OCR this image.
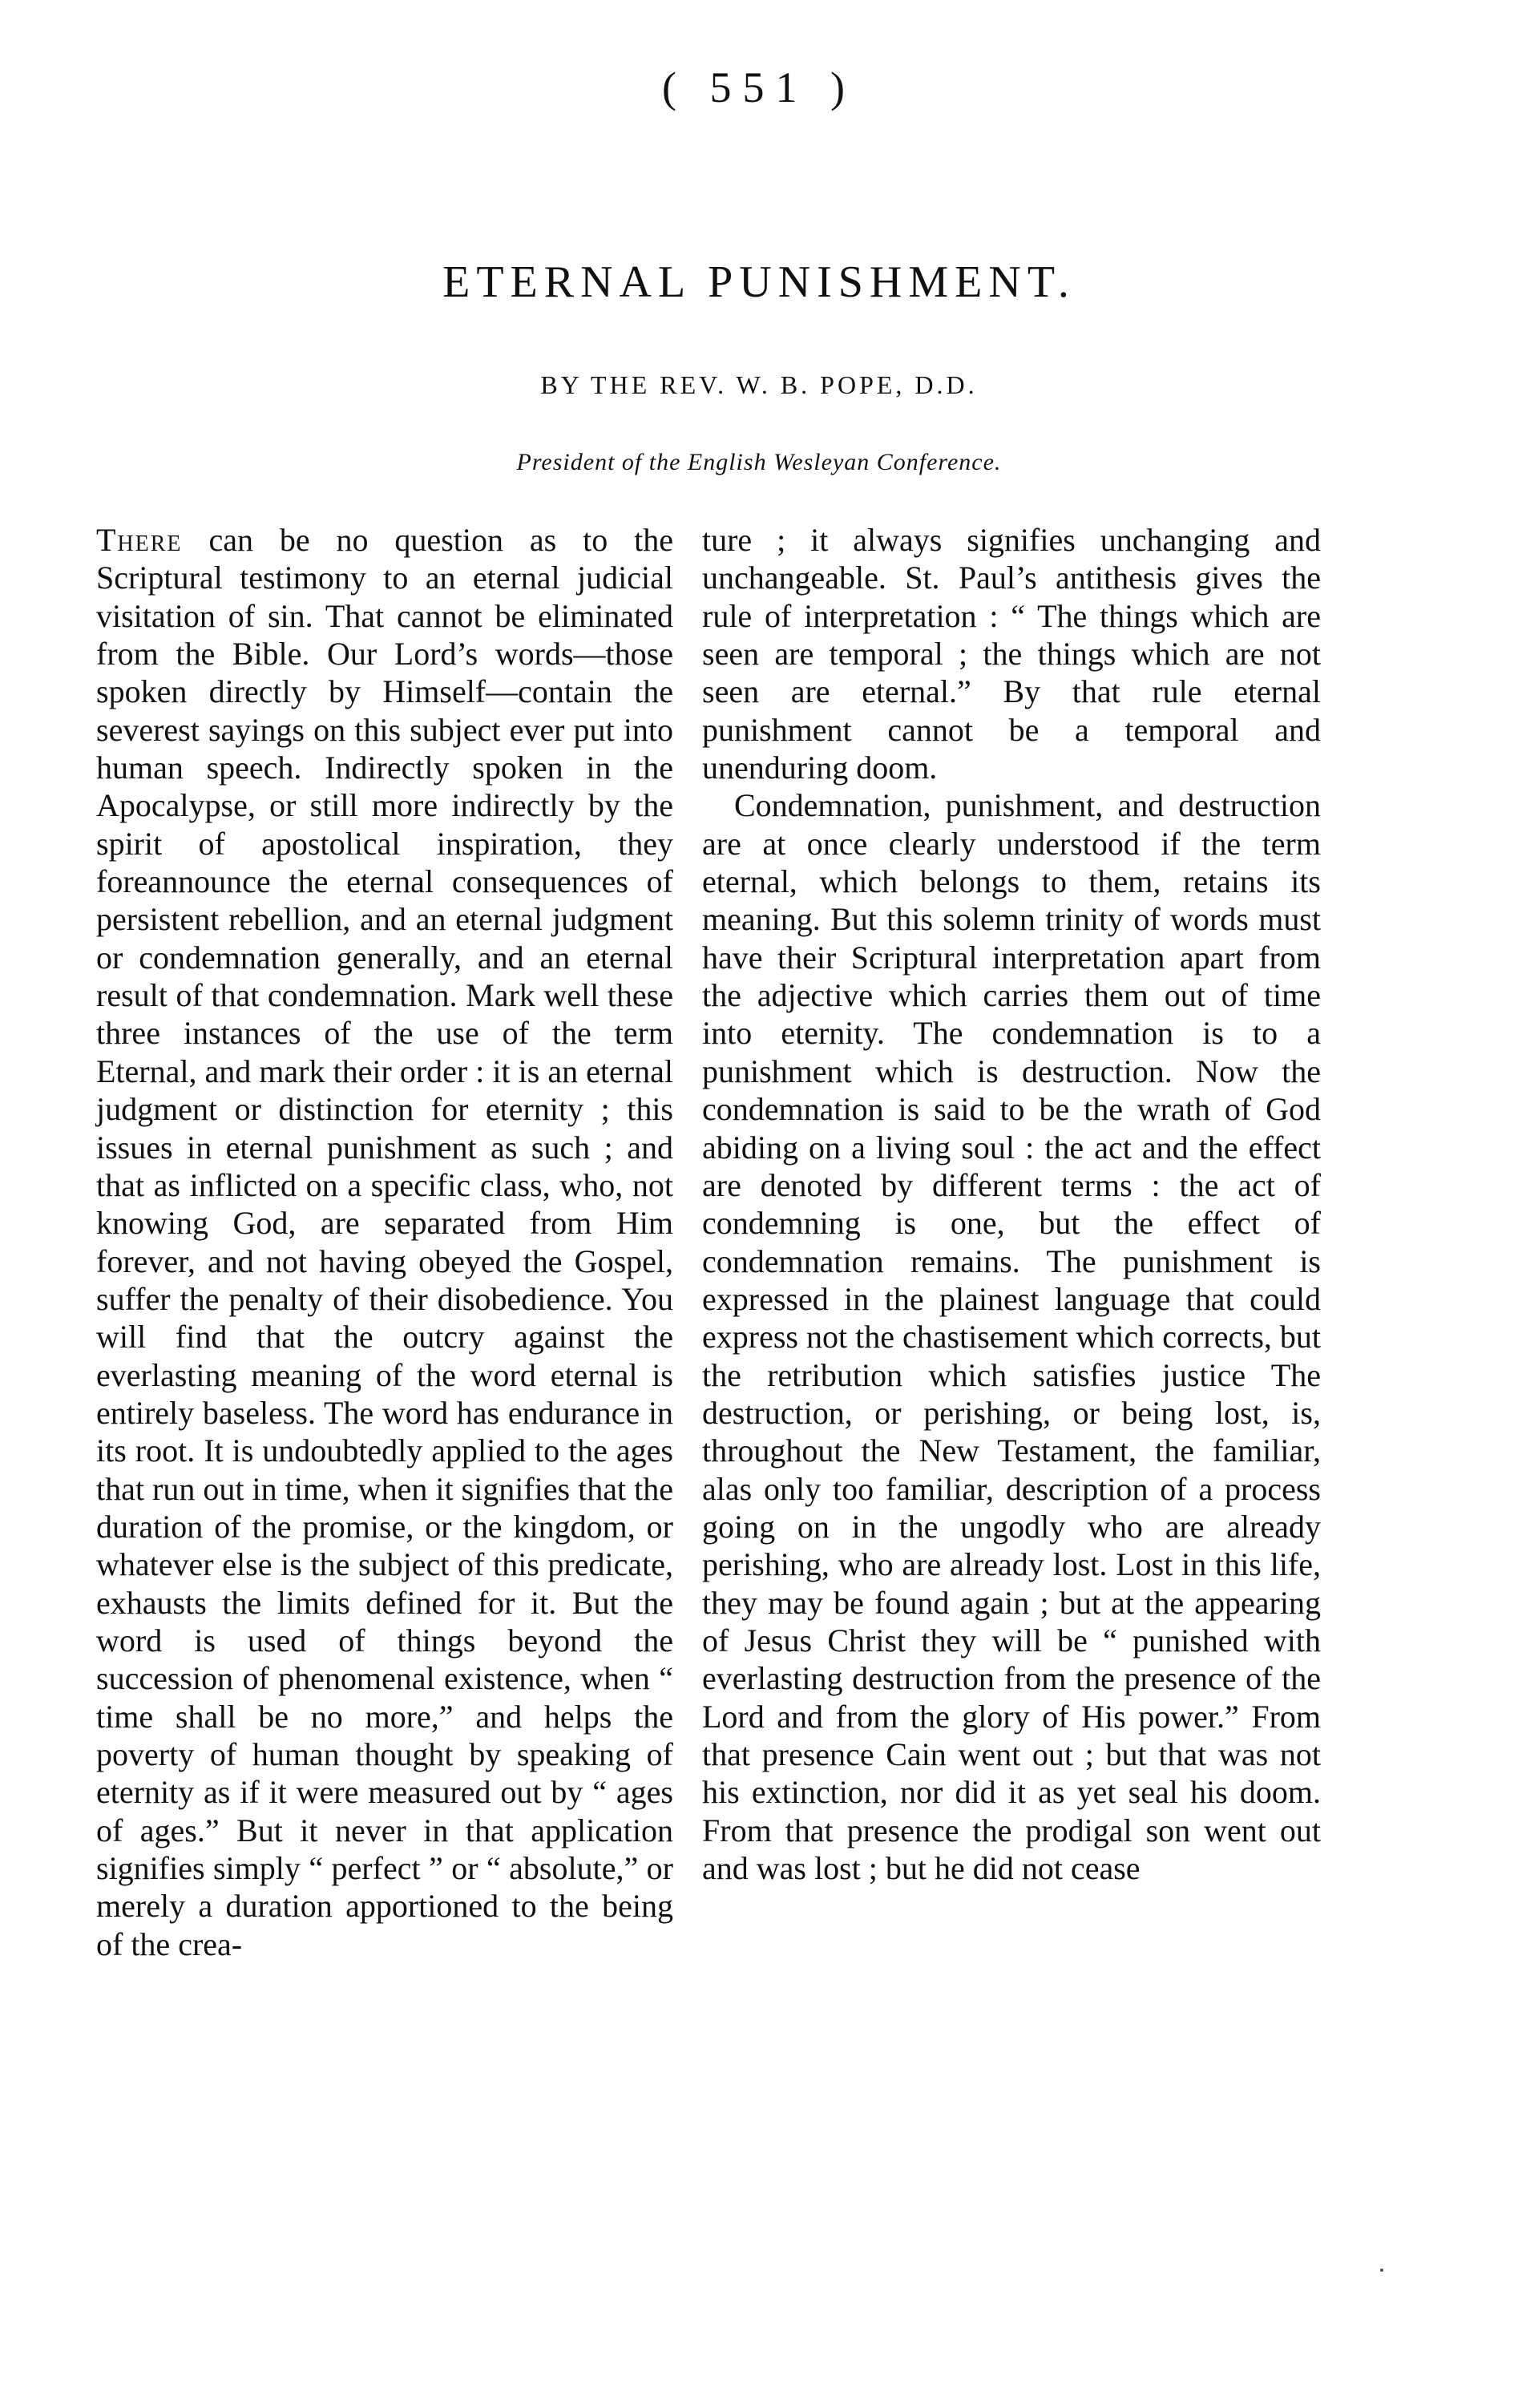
( 551 )
ETERNAL PUNISHMENT.
BY THE REV. W. B. POPE, D.D.
President of the English Wesleyan Conference.

There can be no question as to the Scriptural testimony to an eternal judicial visitation of sin. That cannot be eliminated from the Bible. Our Lord’s words—those spoken directly by Himself—contain the severest sayings on this subject ever put into human speech. Indirectly spoken in the Apocalypse, or still more indirectly by the spirit of apostolical inspiration, they foreannounce the eternal consequences of persistent rebellion, and an eternal judgment or condemnation generally, and an eternal result of that condemnation. Mark well these three instances of the use of the term Eternal, and mark their order : it is an eternal judgment or distinction for eternity ; this issues in eternal punishment as such ; and that as inflicted on a specific class, who, not knowing God, are separated from Him forever, and not having obeyed the Gospel, suffer the penalty of their disobedience. You will find that the outcry against the everlasting meaning of the word eternal is entirely baseless. The word has endurance in its root. It is undoubtedly applied to the ages that run out in time, when it signifies that the duration of the promise, or the kingdom, or whatever else is the subject of this predicate, exhausts the limits defined for it. But the word is used of things beyond the succession of phenomenal existence, when “ time shall be no more,” and helps the poverty of human thought by speaking of eternity as if it were measured out by “ ages of ages.” But it never in that application signifies simply “ perfect ” or “ absolute,” or merely a duration apportioned to the being of the crea-

ture ; it always signifies unchanging and unchangeable. St. Paul’s antithesis gives the rule of interpretation : “ The things which are seen are temporal ; the things which are not seen are eternal.” By that rule eternal punishment cannot be a temporal and unenduring doom.

Condemnation, punishment, and destruction are at once clearly understood if the term eternal, which belongs to them, retains its meaning. But this solemn trinity of words must have their Scriptural interpretation apart from the adjective which carries them out of time into eternity. The condemnation is to a punishment which is destruction. Now the condemnation is said to be the wrath of God abiding on a living soul : the act and the effect are denoted by different terms : the act of condemning is one, but the effect of condemnation remains. The punishment is expressed in the plainest language that could express not the chastisement which corrects, but the retribution which satisfies justice The destruction, or perishing, or being lost, is, throughout the New Testament, the familiar, alas only too familiar, description of a process going on in the ungodly who are already perishing, who are already lost. Lost in this life, they may be found again ; but at the appearing of Jesus Christ they will be “ punished with everlasting destruction from the presence of the Lord and from the glory of His power.” From that presence Cain went out ; but that was not his extinction, nor did it as yet seal his doom. From that presence the prodigal son went out and was lost ; but he did not cease
